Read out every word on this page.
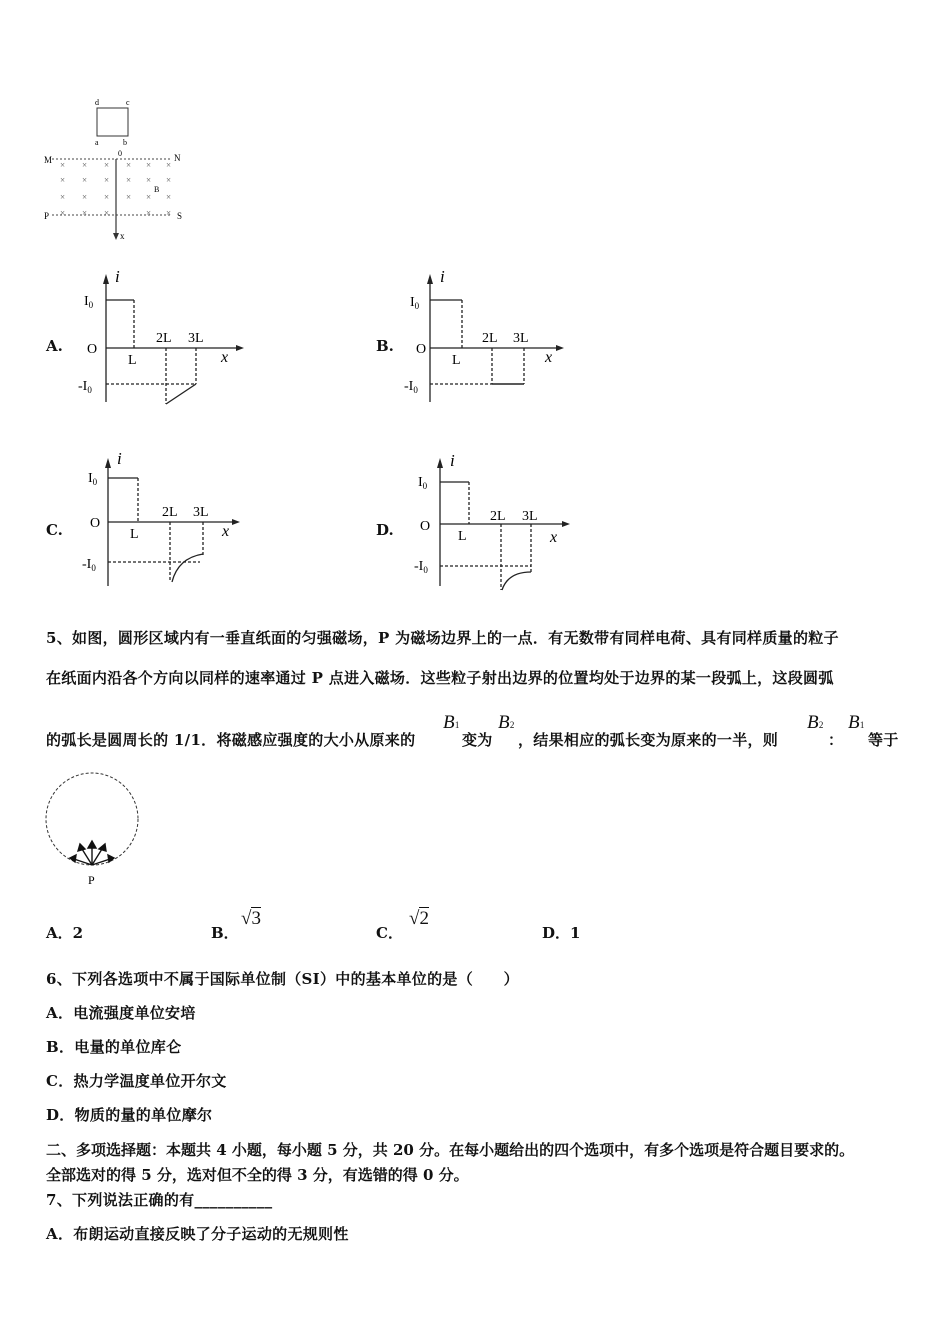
d	c
a	b
0
M	N
P	S
x
B
× × × × × ×
× × × × × ×
× × × × × ×
× × ×	× ×
A.	B.
C.	D.
i
$I_0$
O
$-I_0$
L
2L 3L
x
i
$I_0$
O
$-I_0$
L
2L 3L
x
i
$I_0$
O
$-I_0$
L
2L 3L
x
i
$I_0$
O
$-I_0$
L
2L 3L
x
5、如图，圆形区域内有一垂直纸面的匀强磁场，P 为磁场边界上的一点．有无数带有同样电荷、具有同样质量的粒子
在纸面内沿各个方向以同样的速率通过 P 点进入磁场．这些粒子射出边界的位置均处于边界的某一段弧上，这段圆弧
的弧长是圆周长的 1/1．将磁感应强度的大小从原来的
B1
变为
B2
，结果相应的弧长变为原来的一半，则
B2
：
B1
等于
P
A．2	B．
√3
C．
√2
D．1
6、下列各选项中不属于国际单位制（SI）中的基本单位的是（　　）
A．电流强度单位安培
B．电量的单位库仑
C．热力学温度单位开尔文
D．物质的量的单位摩尔
二、多项选择题：本题共 4 小题，每小题 5 分，共 20 分。在每小题给出的四个选项中，有多个选项是符合题目要求的。
全部选对的得 5 分，选对但不全的得 3 分，有选错的得 0 分。
7、下列说法正确的有__________
A．布朗运动直接反映了分子运动的无规则性
